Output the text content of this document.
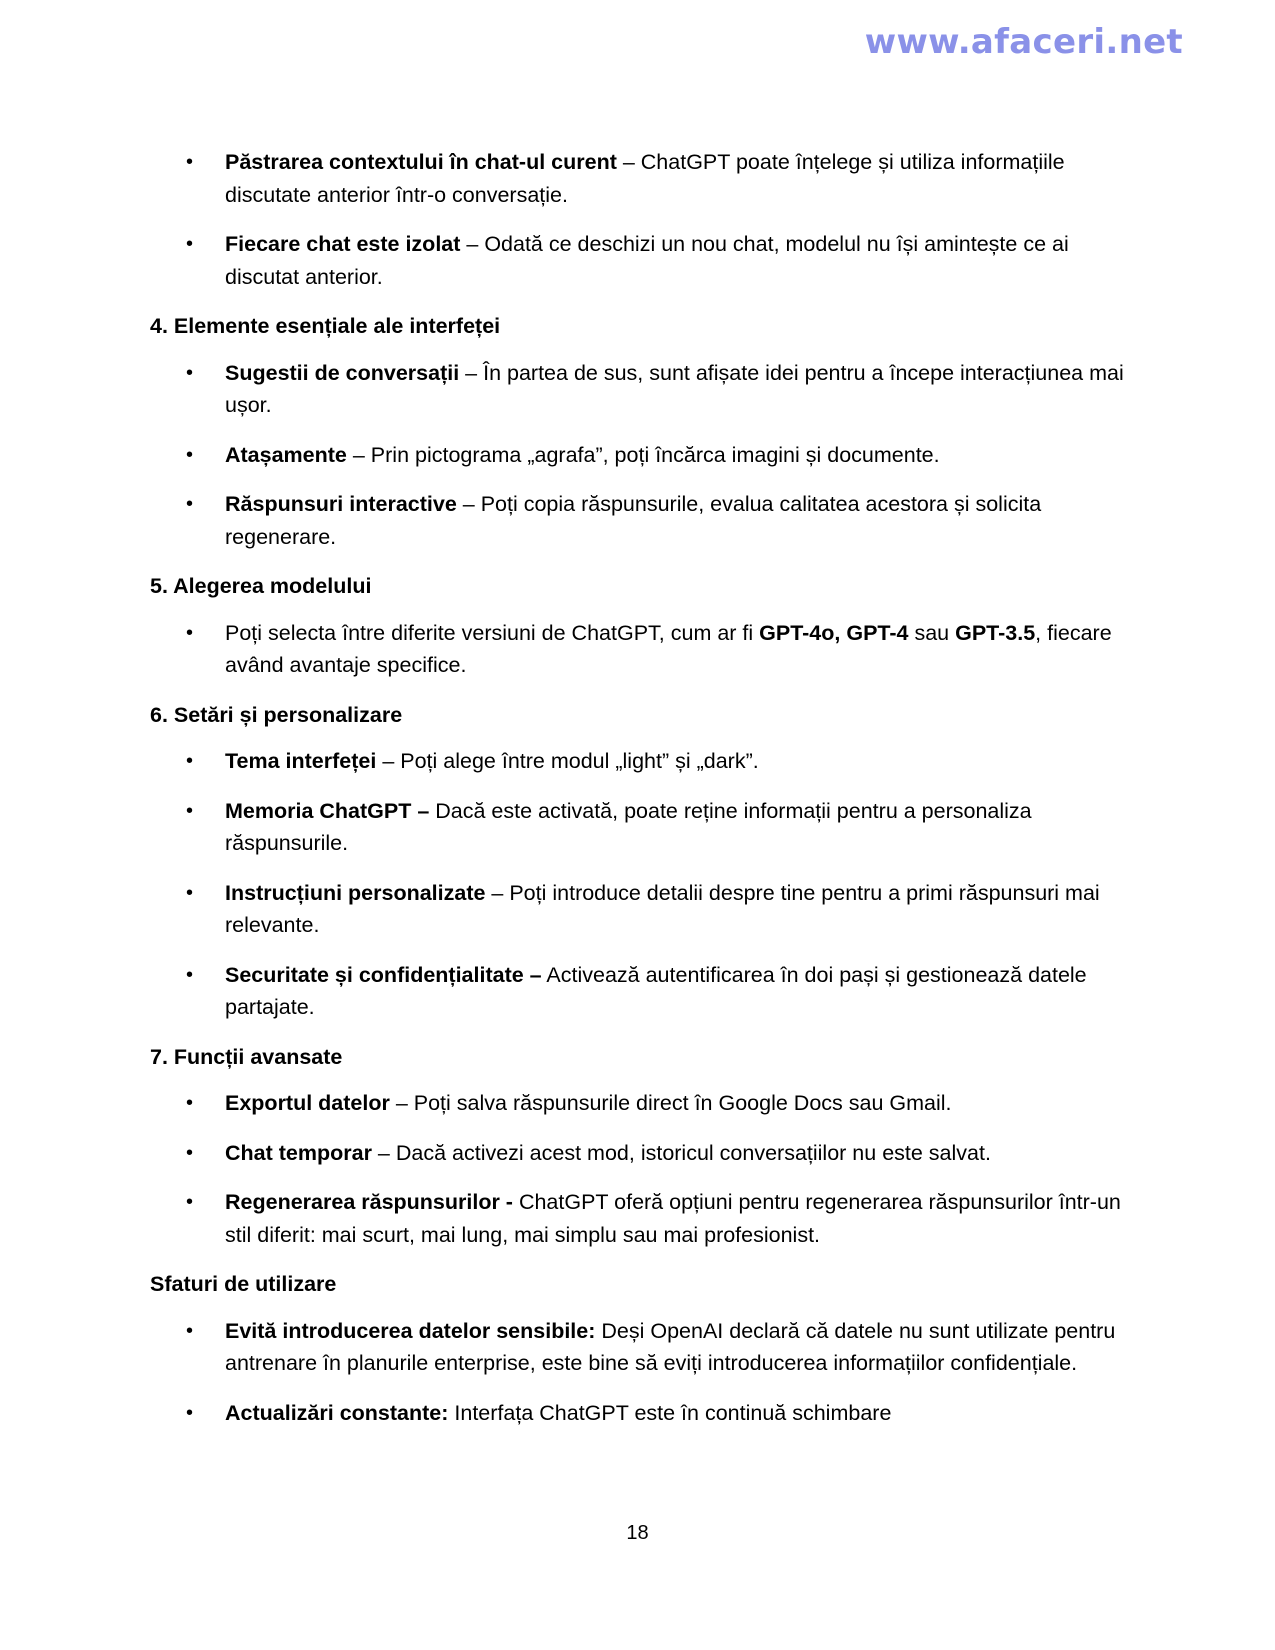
www.afaceri.net
• Păstrarea contextului în chat-ul curent – ChatGPT poate înțelege și utiliza informațiile discutate anterior într-o conversație.
• Fiecare chat este izolat – Odată ce deschizi un nou chat, modelul nu își amintește ce ai discutat anterior.
4. Elemente esențiale ale interfeței
• Sugestii de conversații – În partea de sus, sunt afișate idei pentru a începe interacțiunea mai ușor.
• Atașamente – Prin pictograma „agrafa”, poți încărca imagini și documente.
• Răspunsuri interactive – Poți copia răspunsurile, evalua calitatea acestora și solicita regenerare.
5. Alegerea modelului
• Poți selecta între diferite versiuni de ChatGPT, cum ar fi GPT-4o, GPT-4 sau GPT-3.5, fiecare având avantaje specifice.
6. Setări și personalizare
• Tema interfeței – Poți alege între modul „light” și „dark”.
• Memoria ChatGPT – Dacă este activată, poate reține informații pentru a personaliza răspunsurile.
• Instrucțiuni personalizate – Poți introduce detalii despre tine pentru a primi răspunsuri mai relevante.
• Securitate și confidențialitate – Activează autentificarea în doi pași și gestionează datele partajate.
7. Funcții avansate
• Exportul datelor – Poți salva răspunsurile direct în Google Docs sau Gmail.
• Chat temporar – Dacă activezi acest mod, istoricul conversațiilor nu este salvat.
• Regenerarea răspunsurilor - ChatGPT oferă opțiuni pentru regenerarea răspunsurilor într-un stil diferit: mai scurt, mai lung, mai simplu sau mai profesionist.
Sfaturi de utilizare
• Evită introducerea datelor sensibile: Deși OpenAI declară că datele nu sunt utilizate pentru antrenare în planurile enterprise, este bine să eviți introducerea informațiilor confidențiale.
• Actualizări constante: Interfața ChatGPT este în continuă schimbare
18
